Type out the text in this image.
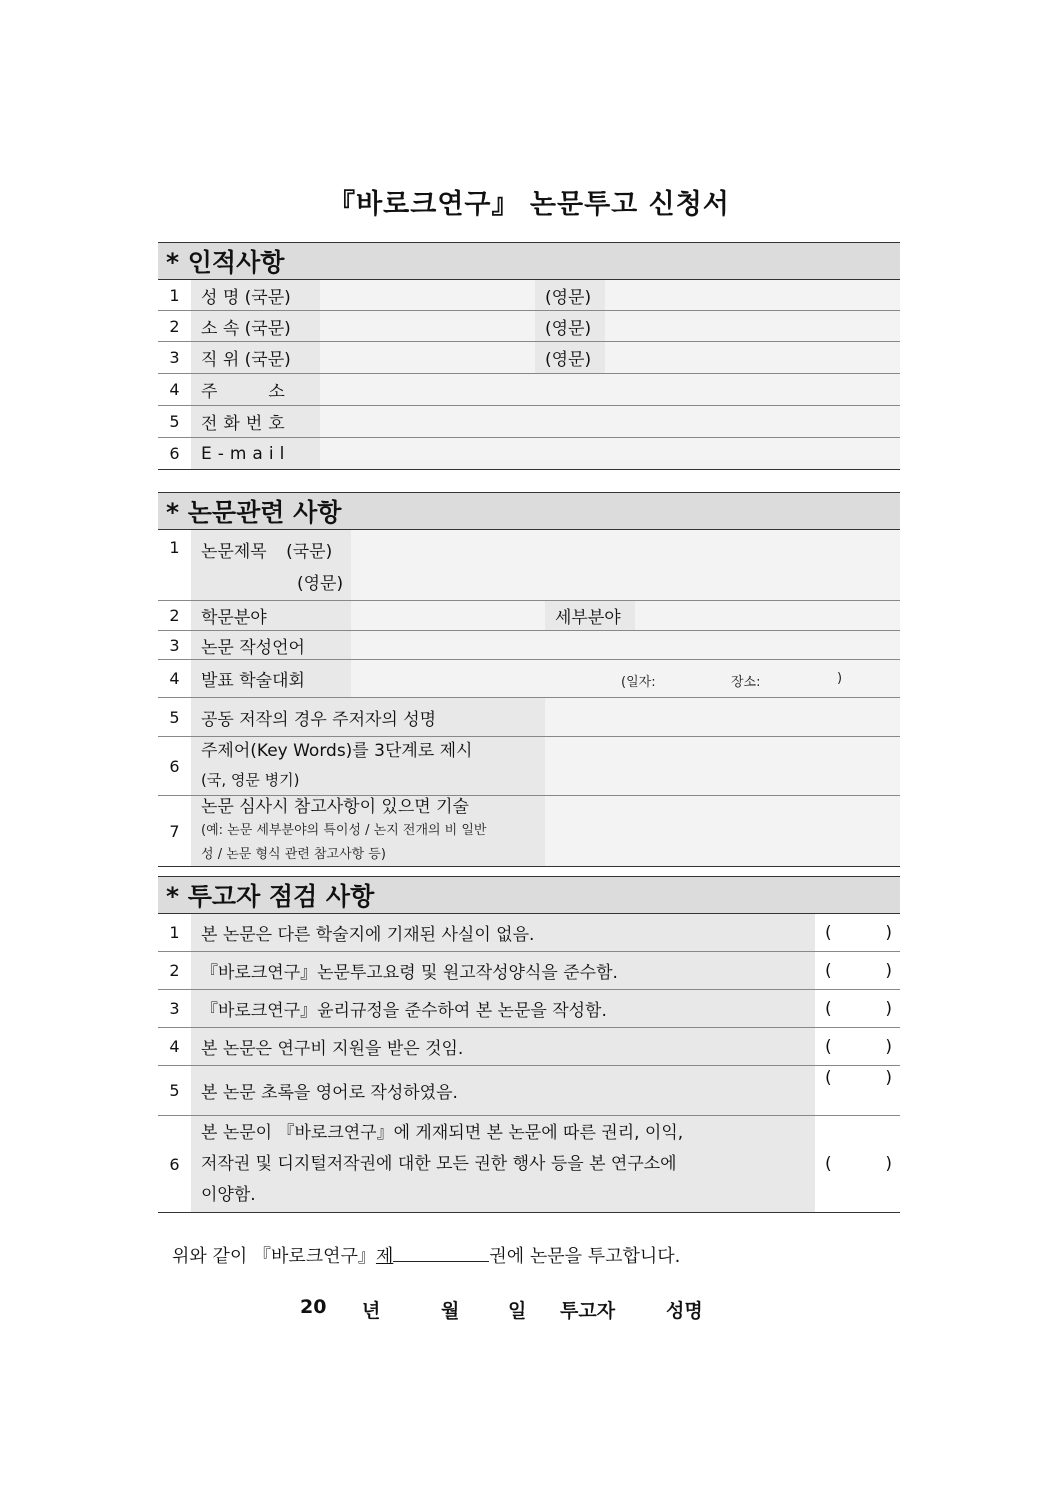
『바로크연구』 논문투고 신청서
* 인적사항				
1	성 명 (국문)		(영문)	
2	소 속 (국문)		(영문)	
3	직 위 (국문)		(영문)	
4	주　　　소			
5	전화번호			
6	E-mail			
* 논문관련 사항				
1	논문제목 (국문)
(영문)			
2	학문분야		세부분야	
3	논문 작성언어			
4	발표 학술대회	(일자: 장소: )		

5	공동 저작의 경우 주저자의 성명			
6	주제어(Key Words)를 3단계로 제시
(국, 영문 병기)			
7	논문 심사시 참고사항이 있으면 기술
(예: 논문 세부분야의 특이성 / 논지 전개의 비 일반
성 / 논문 형식 관련 참고사항 등)			
* 투고자 점검 사항		
1	본 논문은 다른 학술지에 기재된 사실이 없음.	( )

2	『바로크연구』논문투고요령 및 원고작성양식을 준수함.	( )

3	『바로크연구』윤리규정을 준수하여 본 논문을 작성함.	( )

4	본 논문은 연구비 지원을 받은 것임.	( )

5	본 논문 초록을 영어로 작성하였음.	( )

6	본 논문이 『바로크연구』에 게재되면 본 논문에 따른 권리, 이익,
저작권 및 디지털저작권에 대한 모든 권한 행사 등을 본 연구소에
이양함.	( )
위와 같이 『바로크연구』제	권에 논문을 투고합니다.
20 년	월	일 투고자	성명
